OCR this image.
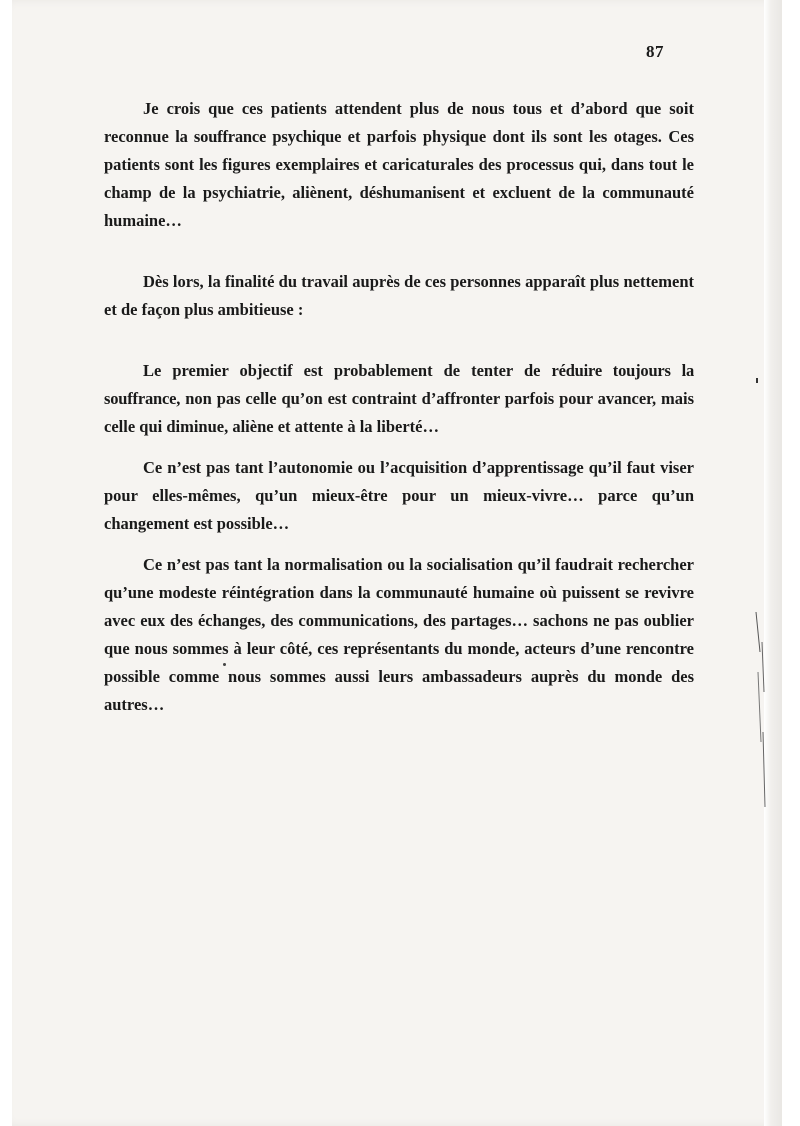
87

Je crois que ces patients attendent plus de nous tous et d’abord que soit reconnue la souffrance psychique et parfois physique dont ils sont les otages. Ces patients sont les figures exemplaires et caricaturales des processus qui, dans tout le champ de la psychiatrie, aliènent, déshumanisent et excluent de la communauté humaine…

Dès lors, la finalité du travail auprès de ces personnes apparaît plus nettement et de façon plus ambitieuse :

Le premier objectif est probablement de tenter de réduire toujours la souffrance, non pas celle qu’on est contraint d’affronter parfois pour avancer, mais celle qui diminue, aliène et attente à la liberté…

Ce n’est pas tant l’autonomie ou l’acquisition d’apprentissage qu’il faut viser pour elles-mêmes, qu’un mieux-être pour un mieux-vivre… parce qu’un changement est possible…

Ce n’est pas tant la normalisation ou la socialisation qu’il faudrait rechercher qu’une modeste réintégration dans la communauté humaine où puissent se revivre avec eux des échanges, des communications, des partages… sachons ne pas oublier que nous sommes à leur côté, ces représentants du monde, acteurs d’une rencontre possible comme nous sommes aussi leurs ambassadeurs auprès du monde des autres…
